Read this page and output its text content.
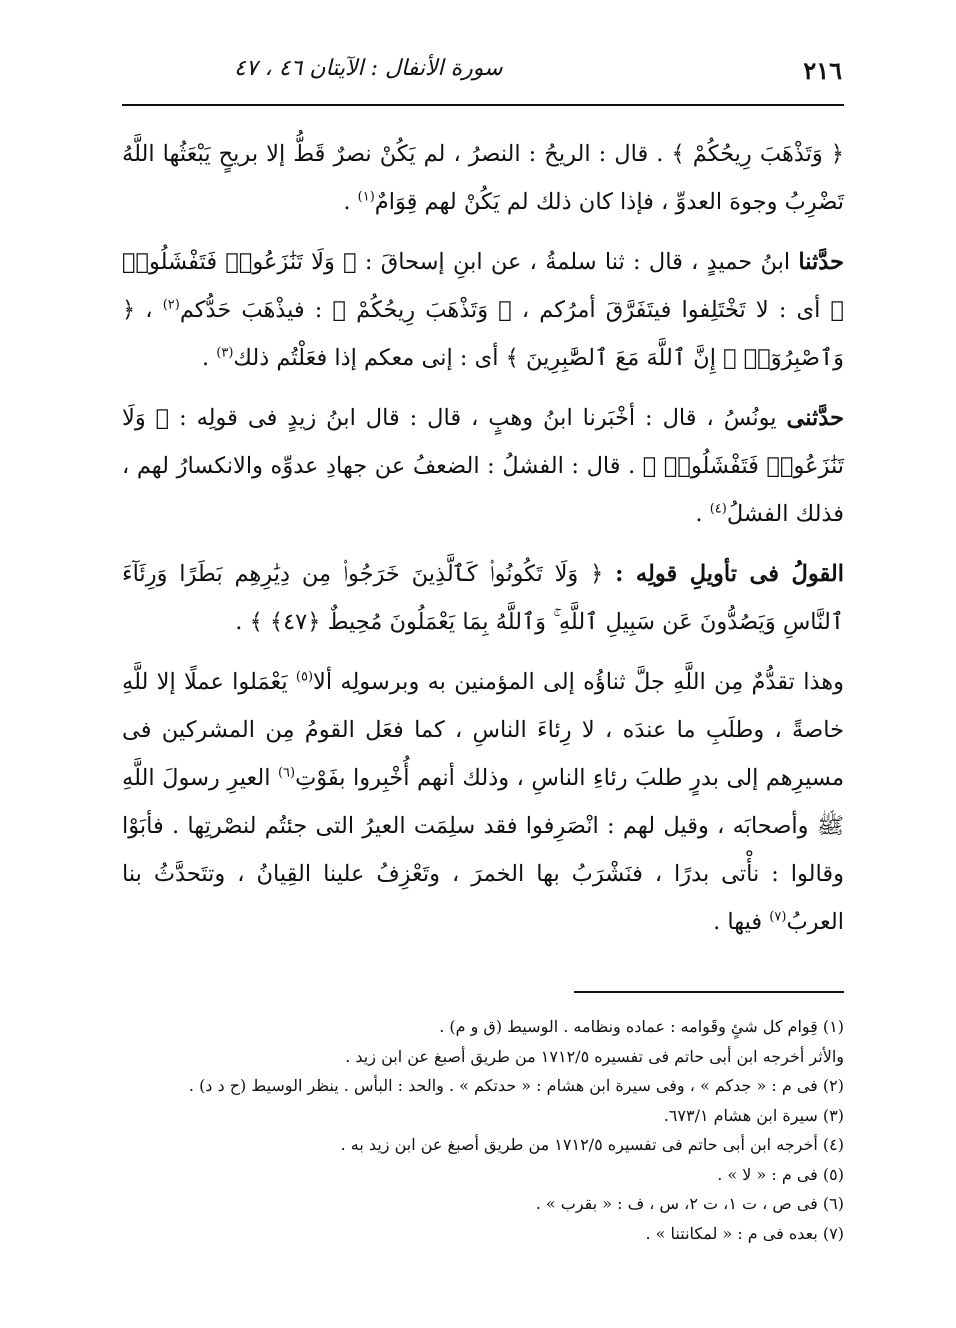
٢١٦
سورة الأنفال : الآيتان ٤٦ ، ٤٧

﴿ وَتَذْهَبَ رِيحُكُمْ ﴾ . قال : الريحُ : النصرُ ، لم يَكُنْ نصرٌ قَطُّ إلا بريحٍ يَبْعَثُها اللَّهُ تَضْرِبُ وجوهَ العدوِّ ، فإذا كان ذلك لم يَكُنْ لهم قِوَامٌ$^{(١)}$ .

حدَّثنا ابنُ حميدٍ ، قال : ثنا سلمةُ ، عن ابنِ إسحاقَ : ﴿ وَلَا تَنَٰزَعُوا۟ فَتَفْشَلُوا۟ ﴾ أى : لا تَخْتَلِفوا فيتَفَرَّقَ أمرُكم ، ﴿ وَتَذْهَبَ رِيحُكُمْ ﴾ : فيذْهَبَ حَدُّكم$^{(٢)}$ ، ﴿ وَٱصْبِرُوٓا۟ ۚ إِنَّ ٱللَّهَ مَعَ ٱلصَّٰبِرِينَ ﴾ أى : إنى معكم إذا فعَلْتُم ذلك$^{(٣)}$ .

حدَّثنى يونُسُ ، قال : أخْبَرنا ابنُ وهبٍ ، قال : قال ابنُ زيدٍ فى قولِه : ﴿ وَلَا تَنَٰزَعُوا۟ فَتَفْشَلُوا۟ ﴾ . قال : الفشلُ : الضعفُ عن جهادِ عدوِّه والانكسارُ لهم ، فذلك الفشلُ$^{(٤)}$ .

القولُ فى تأويلِ قولِه : ﴿ وَلَا تَكُونُوا۟ كَٱلَّذِينَ خَرَجُوا۟ مِن دِيَٰرِهِم بَطَرًا وَرِئَآءَ ٱلنَّاسِ وَيَصُدُّونَ عَن سَبِيلِ ٱللَّهِ ۚ وَٱللَّهُ بِمَا يَعْمَلُونَ مُحِيطٌ ﴿٤٧﴾ ﴾ .

وهذا تقدُّمٌ مِن اللَّهِ جلَّ ثناؤُه إلى المؤمنين به وبرسولِه ألا$^{(٥)}$ يَعْمَلوا عملًا إلا للَّهِ خاصةً ، وطلَبِ ما عندَه ، لا رِئاءَ الناسِ ، كما فعَل القومُ مِن المشركين فى مسيرِهم إلى بدرٍ طلبَ رئاءِ الناسِ ، وذلك أنهم أُخْبِروا بفَوْتِ$^{(٦)}$ العيرِ رسولَ اللَّهِ ﷺ وأصحابَه ، وقيل لهم : انْصَرِفوا فقد سلِمَت العيرُ التى جئتُم لنصْرتِها . فأبَوْا وقالوا : نأْتى بدرًا ، فنَشْرَبُ بها الخمرَ ، وتَعْزِفُ علينا القِيانُ ، وتتَحدَّثُ بنا العربُ$^{(٧)}$ فيها .

(١) قِوام كل شئٍ وقَوامه : عماده ونظامه . الوسيط (ق و م) .
والأثر أخرجه ابن أبى حاتم فى تفسيره ١٧١٢/٥ من طريق أصبغ عن ابن زيد .
(٢) فى م : « جدكم » ، وفى سيرة ابن هشام : « حدتكم » . والحد : البأس . ينظر الوسيط (ح د د) .
(٣) سيرة ابن هشام ٦٧٣/١.
(٤) أخرجه ابن أبى حاتم فى تفسيره ١٧١٢/٥ من طريق أصبغ عن ابن زيد به .
(٥) فى م : « لا » .
(٦) فى ص ، ت ١، ت ٢، س ، ف : « بقرب » .
(٧) بعده فى م : « لمكانتنا » .
